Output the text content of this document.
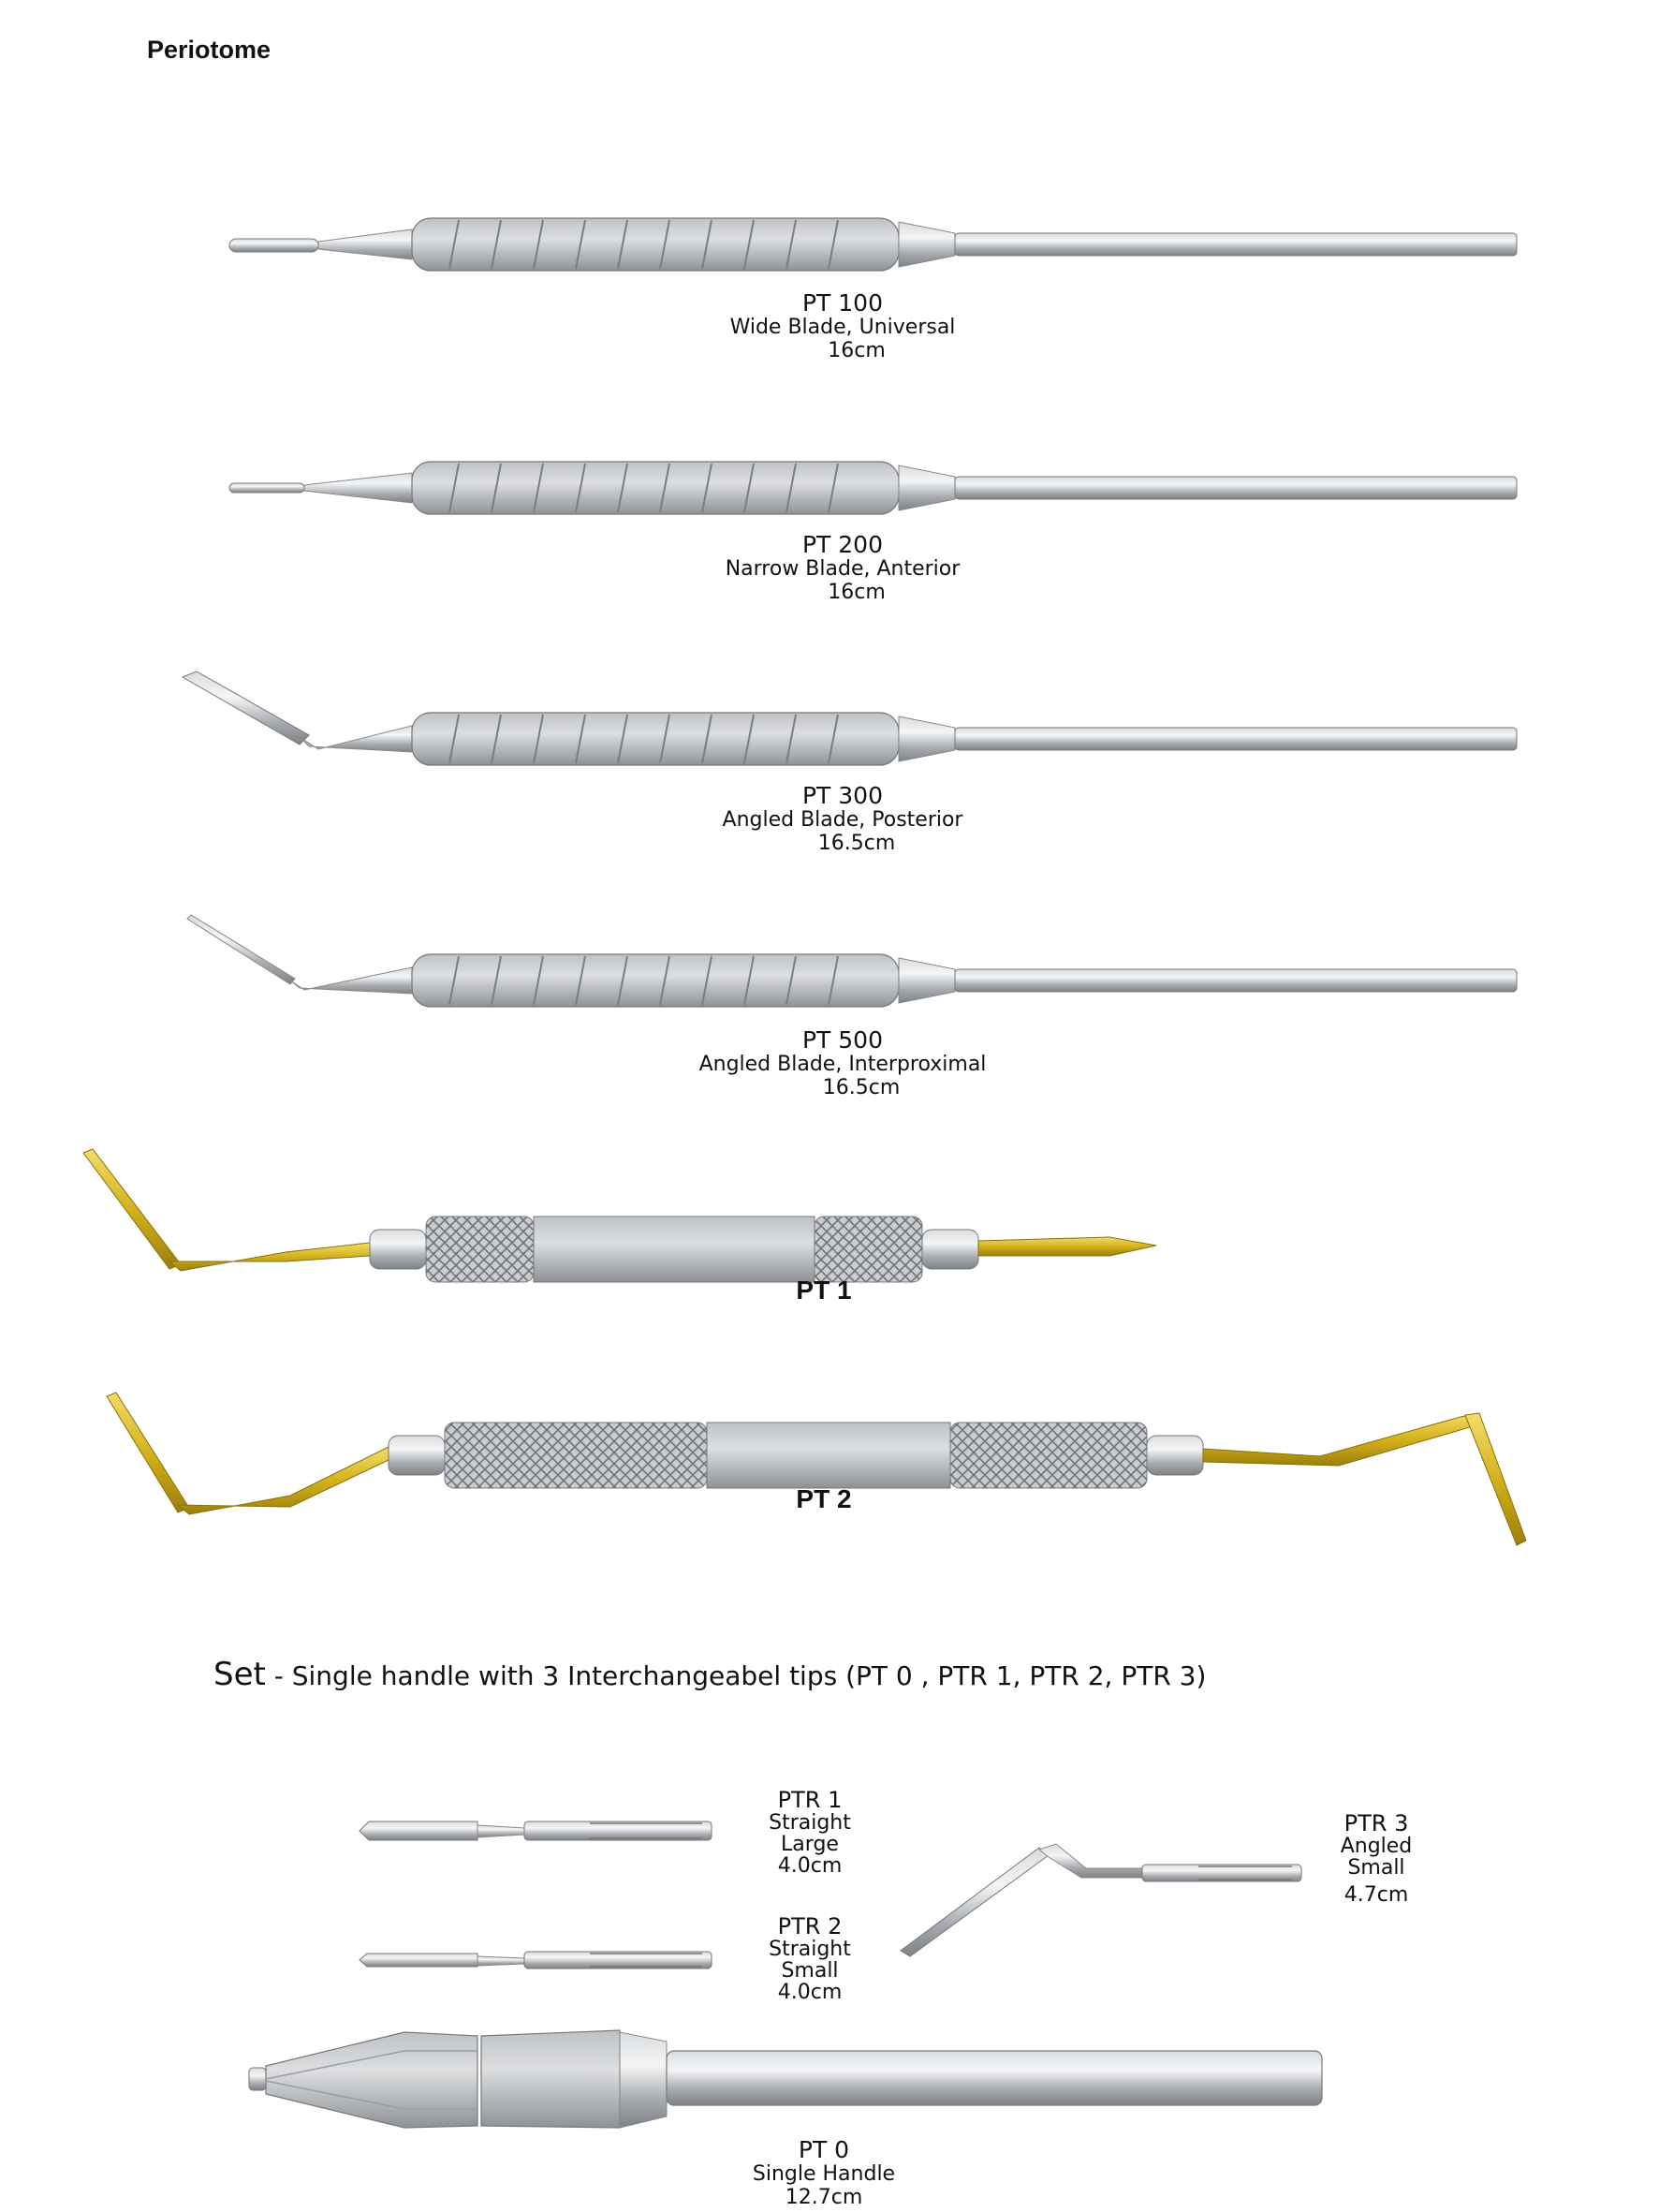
Periotome
PT 100
Wide Blade, Universal
16cm
PT 200
Narrow Blade, Anterior
16cm
PT 300
Angled Blade, Posterior
16.5cm
PT 500
Angled Blade, Interproximal
16.5cm
PT 1
PT 2
Set - Single handle with 3 Interchangeabel tips (PT 0 , PTR 1, PTR 2, PTR 3)
PTR 1
Straight
Large
4.0cm
PTR 2
Straight
Small
4.0cm
PTR 3
Angled
Small
4.7cm
PT 0
Single Handle
12.7cm
